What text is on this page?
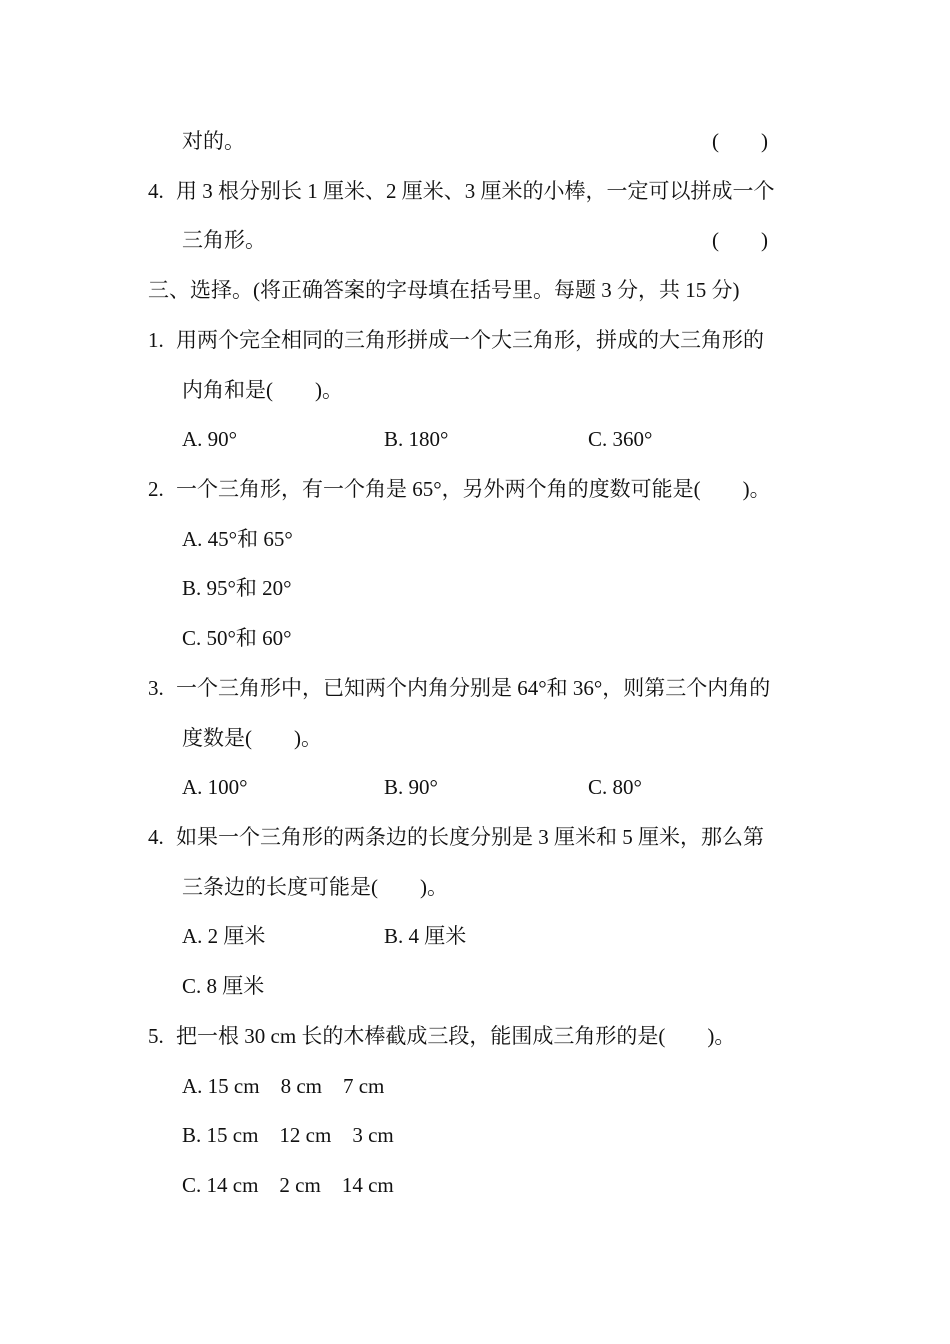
对的。	(　　)
4. 用 3 根分别长 1 厘米、2 厘米、3 厘米的小棒，一定可以拼成一个
三角形。	(　　)
三、选择。(将正确答案的字母填在括号里。每题 3 分，共 15 分)
1. 用两个完全相同的三角形拼成一个大三角形，拼成的大三角形的
内角和是(　　)。
A. 90°	B. 180°	C. 360°
2. 一个三角形，有一个角是 65°，另外两个角的度数可能是(　　)。
A. 45°和 65°
B. 95°和 20°
C. 50°和 60°
3. 一个三角形中，已知两个内角分别是 64°和 36°，则第三个内角的
度数是(　　)。
A. 100°	B. 90°	C. 80°
4. 如果一个三角形的两条边的长度分别是 3 厘米和 5 厘米，那么第
三条边的长度可能是(　　)。
A. 2 厘米	B. 4 厘米
C. 8 厘米
5. 把一根 30 cm 长的木棒截成三段，能围成三角形的是(　　)。
A. 15 cm　8 cm　7 cm
B. 15 cm　12 cm　3 cm
C. 14 cm　2 cm　14 cm
